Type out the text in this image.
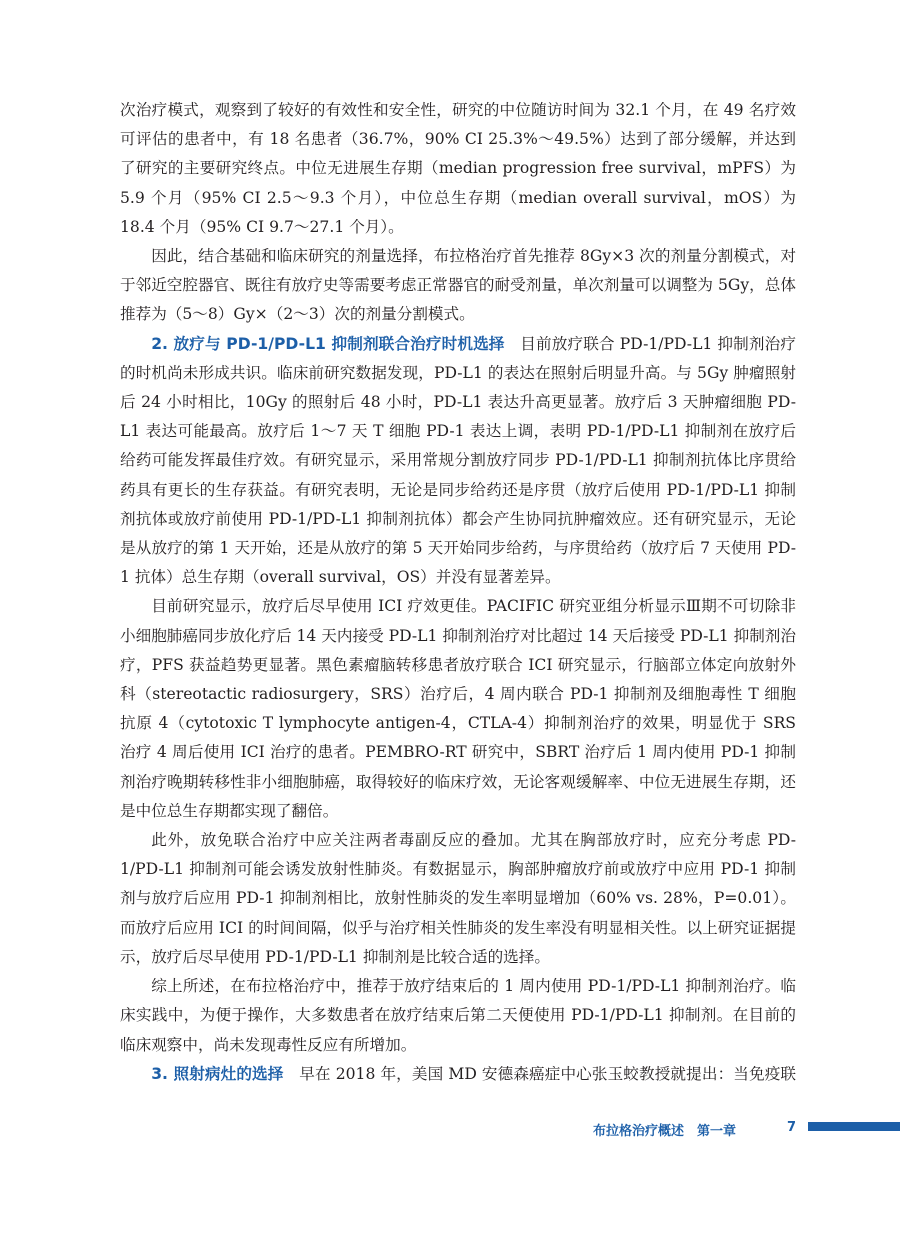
次治疗模式，观察到了较好的有效性和安全性，研究的中位随访时间为 32.1 个月，在 49 名疗效可评估的患者中，有 18 名患者（36.7%，90% CI 25.3%～49.5%）达到了部分缓解，并达到了研究的主要研究终点。中位无进展生存期（median progression free survival，mPFS）为 5.9 个月（95% CI 2.5～9.3 个月），中位总生存期（median overall survival，mOS）为 18.4 个月（95% CI 9.7～27.1 个月）。

因此，结合基础和临床研究的剂量选择，布拉格治疗首先推荐 8Gy×3 次的剂量分割模式，对于邻近空腔器官、既往有放疗史等需要考虑正常器官的耐受剂量，单次剂量可以调整为 5Gy，总体推荐为（5～8）Gy×（2～3）次的剂量分割模式。

2. 放疗与 PD-1/PD-L1 抑制剂联合治疗时机选择　 目前放疗联合 PD-1/PD-L1 抑制剂治疗的时机尚未形成共识。临床前研究数据发现，PD-L1 的表达在照射后明显升高。与 5Gy 肿瘤照射后 24 小时相比，10Gy 的照射后 48 小时，PD-L1 表达升高更显著。放疗后 3 天肿瘤细胞 PD-L1 表达可能最高。放疗后 1～7 天 T 细胞 PD-1 表达上调，表明 PD-1/PD-L1 抑制剂在放疗后给药可能发挥最佳疗效。有研究显示，采用常规分割放疗同步 PD-1/PD-L1 抑制剂抗体比序贯给药具有更长的生存获益。有研究表明，无论是同步给药还是序贯（放疗后使用 PD-1/PD-L1 抑制剂抗体或放疗前使用 PD-1/PD-L1 抑制剂抗体）都会产生协同抗肿瘤效应。还有研究显示，无论是从放疗的第 1 天开始，还是从放疗的第 5 天开始同步给药，与序贯给药（放疗后 7 天使用 PD-1 抗体）总生存期（overall survival，OS）并没有显著差异。

目前研究显示，放疗后尽早使用 ICI 疗效更佳。PACIFIC 研究亚组分析显示Ⅲ期不可切除非小细胞肺癌同步放化疗后 14 天内接受 PD-L1 抑制剂治疗对比超过 14 天后接受 PD-L1 抑制剂治疗，PFS 获益趋势更显著。黑色素瘤脑转移患者放疗联合 ICI 研究显示，行脑部立体定向放射外科（stereotactic radiosurgery，SRS）治疗后，4 周内联合 PD-1 抑制剂及细胞毒性 T 细胞抗原 4（cytotoxic T lymphocyte antigen-4，CTLA-4）抑制剂治疗的效果，明显优于 SRS 治疗 4 周后使用 ICI 治疗的患者。PEMBRO-RT 研究中，SBRT 治疗后 1 周内使用 PD-1 抑制剂治疗晚期转移性非小细胞肺癌，取得较好的临床疗效，无论客观缓解率、中位无进展生存期，还是中位总生存期都实现了翻倍。

此外，放免联合治疗中应关注两者毒副反应的叠加。尤其在胸部放疗时，应充分考虑 PD-1/PD-L1 抑制剂可能会诱发放射性肺炎。有数据显示，胸部肿瘤放疗前或放疗中应用 PD-1 抑制剂与放疗后应用 PD-1 抑制剂相比，放射性肺炎的发生率明显增加（60% vs. 28%，P=0.01）。而放疗后应用 ICI 的时间间隔，似乎与治疗相关性肺炎的发生率没有明显相关性。以上研究证据提示，放疗后尽早使用 PD-1/PD-L1 抑制剂是比较合适的选择。

综上所述，在布拉格治疗中，推荐于放疗结束后的 1 周内使用 PD-1/PD-L1 抑制剂治疗。临床实践中，为便于操作，大多数患者在放疗结束后第二天便使用 PD-1/PD-L1 抑制剂。在目前的临床观察中，尚未发现毒性反应有所增加。

3. 照射病灶的选择　 早在 2018 年，美国 MD 安德森癌症中心张玉蛟教授就提出：当免疫联

布拉格治疗概述　第一章	7
